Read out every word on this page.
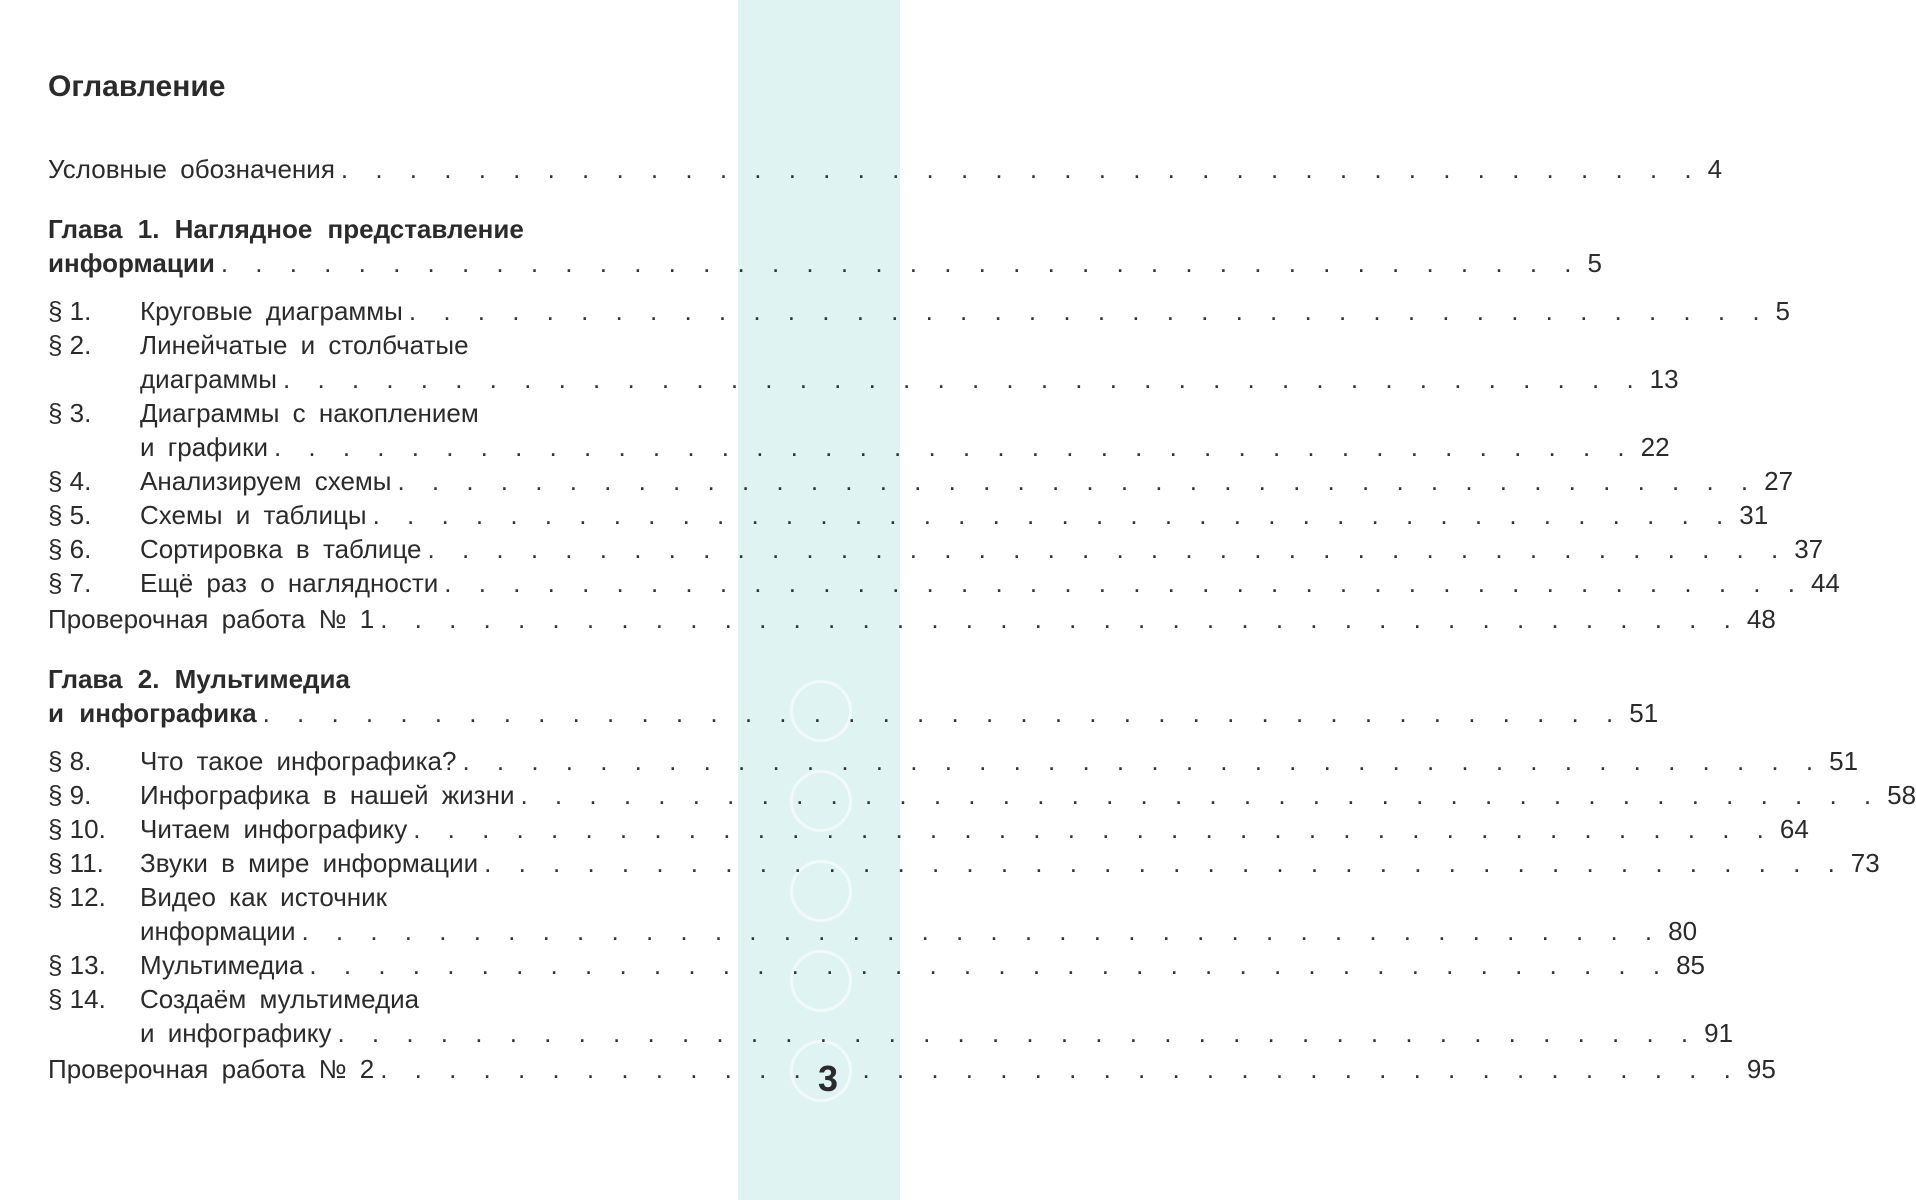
Оглавление
Условные обозначения . . .	4
Глава 1. Наглядное представление
информации . . .	5
§ 1.	Круговые диаграммы . . .	5
§ 2.	Линейчатые и столбчатые
диаграммы . . .	13
§ 3.	Диаграммы с накоплением
и графики . . .	22
§ 4.	Анализируем схемы . . .	27
§ 5.	Схемы и таблицы . . .	31
§ 6.	Сортировка в таблице . . .	37
§ 7.	Ещё раз о наглядности . . .	44
Проверочная работа № 1 . . .	48
Глава 2. Мультимедиа
и инфографика . . .	51
§ 8.	Что такое инфографика? . . .	51
§ 9.	Инфографика в нашей жизни . . .	58
§ 10.	Читаем инфографику . . .	64
§ 11.	Звуки в мире информации . . .	73
§ 12.	Видео как источник
информации . . .	80
§ 13.	Мультимедиа . . .	85
§ 14.	Создаём мультимедиа
и инфографику . . .	91
Проверочная работа № 2 . . .	95
3
